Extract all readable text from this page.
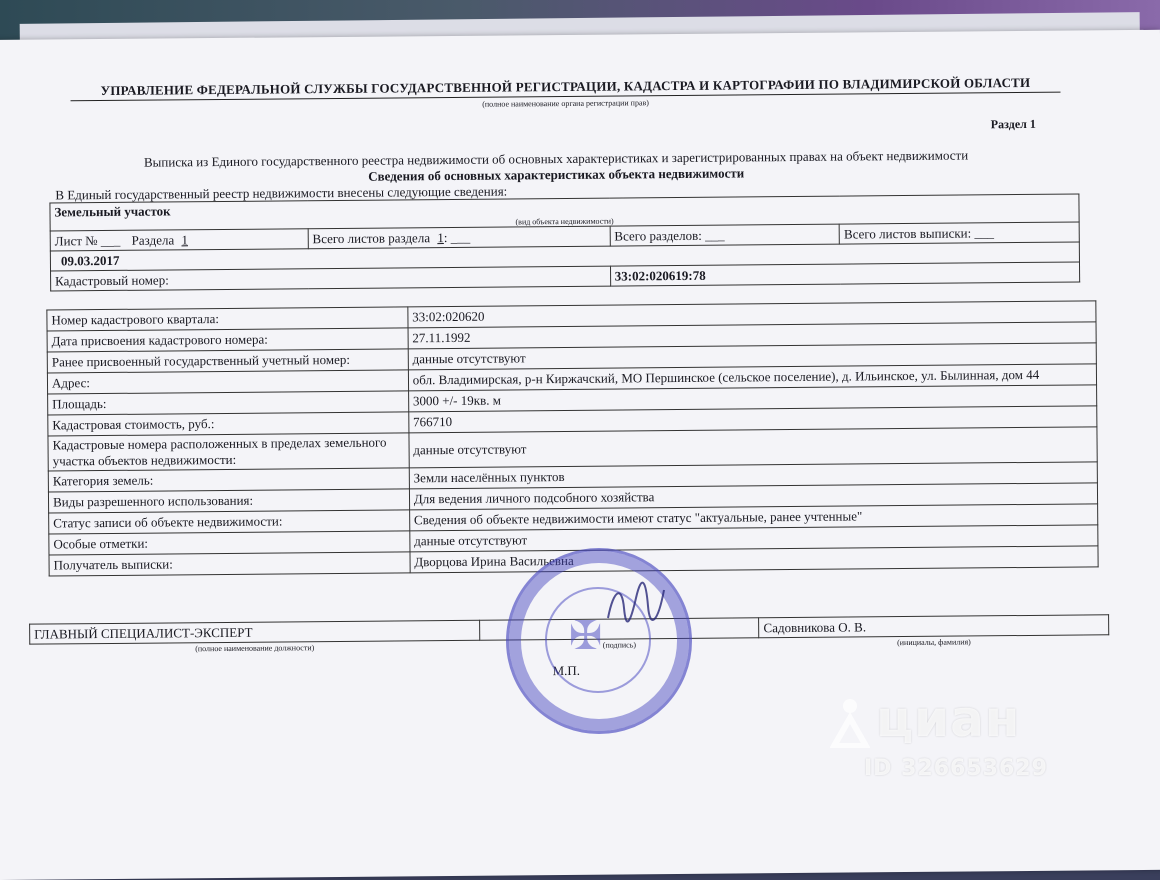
УПРАВЛЕНИЕ ФЕДЕРАЛЬНОЙ СЛУЖБЫ ГОСУДАРСТВЕННОЙ РЕГИСТРАЦИИ, КАДАСТРА И КАРТОГРАФИИ ПО ВЛАДИМИРСКОЙ ОБЛАСТИ
(полное наименование органа регистрации прав)
Раздел 1
Выписка из Единого государственного реестра недвижимости об основных характеристиках и зарегистрированных правах на объект недвижимости
Сведения об основных характеристиках объекта недвижимости
В Единый государственный реестр недвижимости внесены следующие сведения:
Земельный участок			
(вид объекта недвижимости)			
Лист № ___ Раздела 1	Всего листов раздела 1: ___	Всего разделов: ___	Всего листов выписки: ___
09.03.2017			
Кадастровый номер:		33:02:020619:78	
Номер кадастрового квартала:	33:02:020620
Дата присвоения кадастрового номера:	27.11.1992
Ранее присвоенный государственный учетный номер:	данные отсутствуют
Адрес:	обл. Владимирская, р-н Киржачский, МО Першинское (сельское поселение), д. Ильинское, ул. Былинная, дом 44
Площадь:	3000 +/- 19кв. м
Кадастровая стоимость, руб.:	766710
Кадастровые номера расположенных в пределах земельного участка объектов недвижимости:	данные отсутствуют
Категория земель:	Земли населённых пунктов
Виды разрешенного использования:	Для ведения личного подсобного хозяйства
Статус записи об объекте недвижимости:	Сведения об объекте недвижимости имеют статус "актуальные, ранее учтенные"
Особые отметки:	данные отсутствуют
Получатель выписки:	Дворцова Ирина Васильевна
ГЛАВНЫЙ СПЕЦИАЛИСТ-ЭКСПЕРТ		Садовникова О. В.
(полное наименование должности)	(подпись)	(инициалы, фамилия)
М.П.
✠
циан
ID 326653629
